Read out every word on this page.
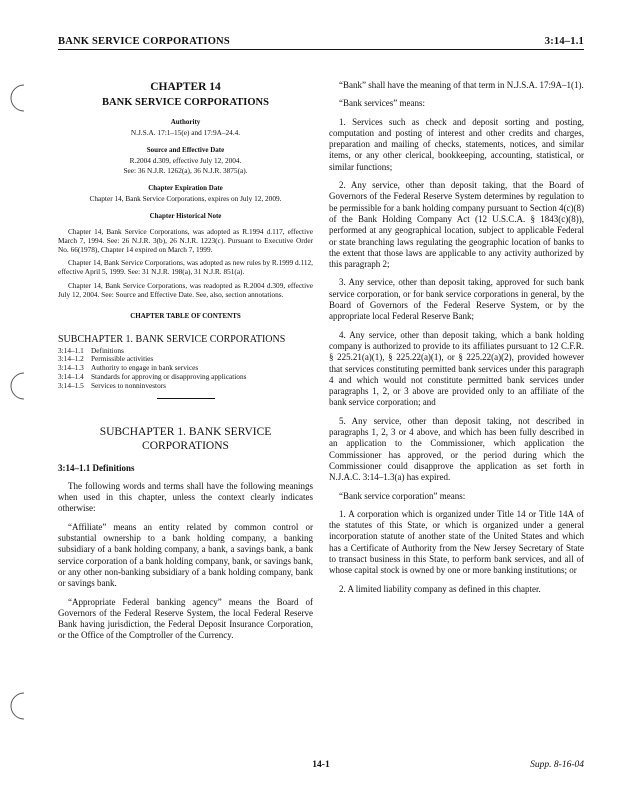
BANK SERVICE CORPORATIONS	3:14–1.1
CHAPTER 14
BANK SERVICE CORPORATIONS
Authority
N.J.S.A. 17:1–15(e) and 17:9A–24.4.
Source and Effective Date
R.2004 d.309, effective July 12, 2004.
See: 36 N.J.R. 1262(a), 36 N.J.R. 3875(a).
Chapter Expiration Date
Chapter 14, Bank Service Corporations, expires on July 12, 2009.
Chapter Historical Note
Chapter 14, Bank Service Corporations, was adopted as R.1994 d.117, effective March 7, 1994. See: 26 N.J.R. 3(b), 26 N.J.R. 1223(c). Pursuant to Executive Order No. 66(1978), Chapter 14 expired on March 7, 1999.
Chapter 14, Bank Service Corporations, was adopted as new rules by R.1999 d.112, effective April 5, 1999. See: 31 N.J.R. 198(a), 31 N.J.R. 851(a).
Chapter 14, Bank Service Corporations, was readopted as R.2004 d.309, effective July 12, 2004. See: Source and Effective Date. See, also, section annotations.
CHAPTER TABLE OF CONTENTS
SUBCHAPTER 1. BANK SERVICE CORPORATIONS
3:14–1.1 Definitions
3:14–1.2 Permissible activities
3:14–1.3 Authority to engage in bank services
3:14–1.4 Standards for approving or disapproving applications
3:14–1.5 Services to nonninvestors
SUBCHAPTER 1. BANK SERVICE
CORPORATIONS
3:14–1.1 Definitions

The following words and terms shall have the following meanings when used in this chapter, unless the context clearly indicates otherwise:

“Affiliate” means an entity related by common control or substantial ownership to a bank holding company, a banking subsidiary of a bank holding company, a bank, a savings bank, a bank service corporation of a bank holding company, bank, or savings bank, or any other non-banking subsidiary of a bank holding company, bank or savings bank.

“Appropriate Federal banking agency” means the Board of Governors of the Federal Reserve System, the local Federal Reserve Bank having jurisdiction, the Federal Deposit Insurance Corporation, or the Office of the Comptroller of the Currency.

“Bank” shall have the meaning of that term in N.J.S.A. 17:9A–1(1).

“Bank services” means:

1. Services such as check and deposit sorting and posting, computation and posting of interest and other credits and charges, preparation and mailing of checks, statements, notices, and similar items, or any other clerical, bookkeeping, accounting, statistical, or similar functions;

2. Any service, other than deposit taking, that the Board of Governors of the Federal Reserve System determines by regulation to be permissible for a bank holding company pursuant to Section 4(c)(8) of the Bank Holding Company Act (12 U.S.C.A. § 1843(c)(8)), performed at any geographical location, subject to applicable Federal or state branching laws regulating the geographic location of banks to the extent that those laws are applicable to any activity authorized by this paragraph 2;

3. Any service, other than deposit taking, approved for such bank service corporation, or for bank service corporations in general, by the Board of Governors of the Federal Reserve System, or by the appropriate local Federal Reserve Bank;

4. Any service, other than deposit taking, which a bank holding company is authorized to provide to its affiliates pursuant to 12 C.F.R. § 225.21(a)(1), § 225.22(a)(1), or § 225.22(a)(2), provided however that services constituting permitted bank services under this paragraph 4 and which would not constitute permitted bank services under paragraphs 1, 2, or 3 above are provided only to an affiliate of the bank service corporation; and

5. Any service, other than deposit taking, not described in paragraphs 1, 2, 3 or 4 above, and which has been fully described in an application to the Commissioner, which application the Commissioner has approved, or the period during which the Commissioner could disapprove the application as set forth in N.J.A.C. 3:14–1.3(a) has expired.

“Bank service corporation” means:

1. A corporation which is organized under Title 14 or Title 14A of the statutes of this State, or which is organized under a general incorporation statute of another state of the United States and which has a Certificate of Authority from the New Jersey Secretary of State to transact business in this State, to perform bank services, and all of whose capital stock is owned by one or more banking institutions; or

2. A limited liability company as defined in this chapter.

14-1	Supp. 8-16-04
